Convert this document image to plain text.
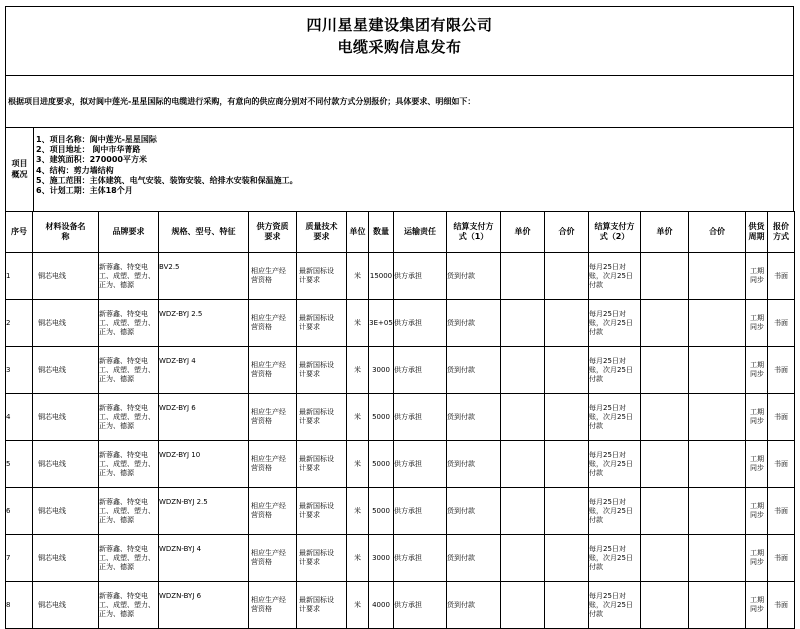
四川星星建设集团有限公司
电缆采购信息发布
根据项目进度要求，拟对阆中莲光-星星国际的电缆进行采购，有意向的供应商分别对不同付款方式分别报价；具体要求、明细如下：
项目概况
1、项目名称：阆中莲光-星星国际
2、项目地址： 阆中市华菁路
3、建筑面积：270000平方米
4、结构：剪力墙结构
5、施工范围：主体建筑、电气安装、装饰安装、给排水安装和保温施工。
6、计划工期：主体18个月
序号	材料设备名称	品牌要求	规格、型号、特征	供方资质要求	质量技术要求	单位	数量	运输责任	结算支付方式（1）	单价	合价	结算支付方式（2）	单价	合价	供货周期	报价方式

1	铜芯电线	新蓉鑫、特变电工、成塑、塑力、正为、德源	BV2.5	相应生产经营资格	最新国标设计要求	米	15000	供方承担	货到付款			每月25日对账，次月25日付款			工期同步	书面
2	铜芯电线	新蓉鑫、特变电工、成塑、塑力、正为、德源	WDZ-BYJ 2.5	相应生产经营资格	最新国标设计要求	米	3E+05	供方承担	货到付款			每月25日对账，次月25日付款			工期同步	书面
3	铜芯电线	新蓉鑫、特变电工、成塑、塑力、正为、德源	WDZ-BYJ 4	相应生产经营资格	最新国标设计要求	米	3000	供方承担	货到付款			每月25日对账，次月25日付款			工期同步	书面
4	铜芯电线	新蓉鑫、特变电工、成塑、塑力、正为、德源	WDZ-BYJ 6	相应生产经营资格	最新国标设计要求	米	5000	供方承担	货到付款			每月25日对账，次月25日付款			工期同步	书面
5	铜芯电线	新蓉鑫、特变电工、成塑、塑力、正为、德源	WDZ-BYJ 10	相应生产经营资格	最新国标设计要求	米	5000	供方承担	货到付款			每月25日对账，次月25日付款			工期同步	书面
6	铜芯电线	新蓉鑫、特变电工、成塑、塑力、正为、德源	WDZN-BYJ 2.5	相应生产经营资格	最新国标设计要求	米	5000	供方承担	货到付款			每月25日对账，次月25日付款			工期同步	书面
7	铜芯电线	新蓉鑫、特变电工、成塑、塑力、正为、德源	WDZN-BYJ 4	相应生产经营资格	最新国标设计要求	米	3000	供方承担	货到付款			每月25日对账，次月25日付款			工期同步	书面
8	铜芯电线	新蓉鑫、特变电工、成塑、塑力、正为、德源	WDZN-BYJ 6	相应生产经营资格	最新国标设计要求	米	4000	供方承担	货到付款			每月25日对账，次月25日付款			工期同步	书面
